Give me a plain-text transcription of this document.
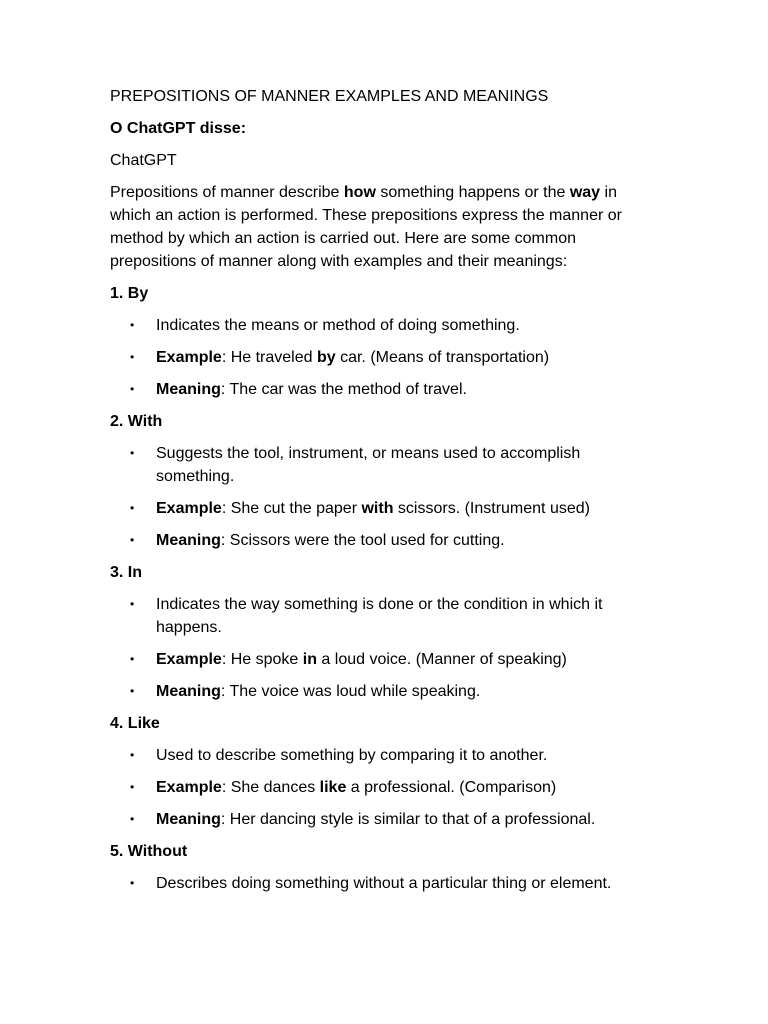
PREPOSITIONS OF MANNER EXAMPLES AND MEANINGS

O ChatGPT disse:

ChatGPT

Prepositions of manner describe how something happens or the way in which an action is performed. These prepositions express the manner or method by which an action is carried out. Here are some common prepositions of manner along with examples and their meanings:

1. By

• Indicates the means or method of doing something.
• Example: He traveled by car. (Means of transportation)
• Meaning: The car was the method of travel.

2. With

• Suggests the tool, instrument, or means used to accomplish something.
• Example: She cut the paper with scissors. (Instrument used)
• Meaning: Scissors were the tool used for cutting.

3. In

• Indicates the way something is done or the condition in which it happens.
• Example: He spoke in a loud voice. (Manner of speaking)
• Meaning: The voice was loud while speaking.

4. Like

• Used to describe something by comparing it to another.
• Example: She dances like a professional. (Comparison)
• Meaning: Her dancing style is similar to that of a professional.

5. Without

• Describes doing something without a particular thing or element.
